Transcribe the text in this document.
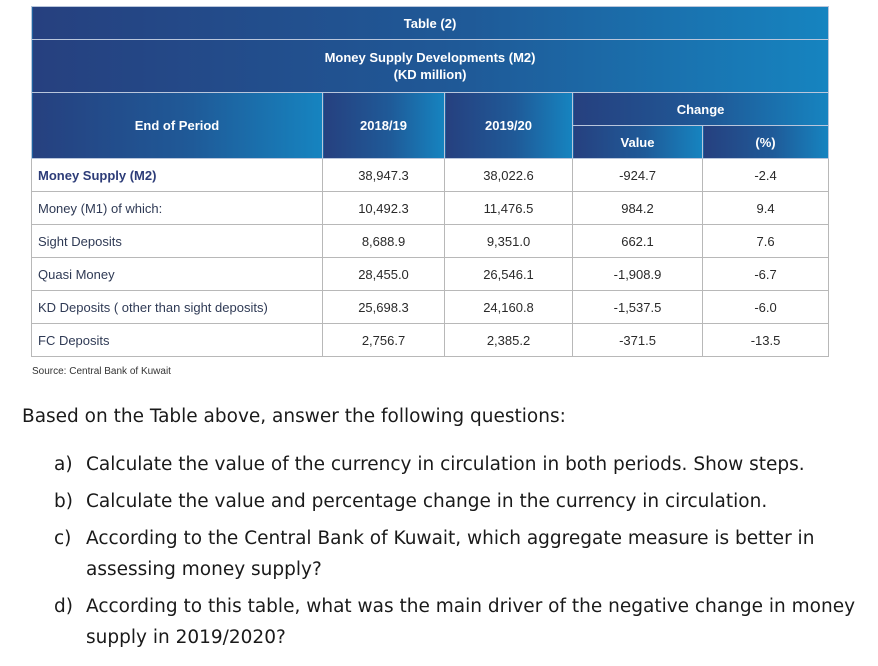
Table (2)				
Money Supply Developments (M2)
(KD million)				
End of Period	2018/19	2019/20	Change	
			Value	(%)
Money Supply (M2)	38,947.3	38,022.6	-924.7	-2.4
Money (M1) of which:	10,492.3	11,476.5	984.2	9.4
Sight Deposits	8,688.9	9,351.0	662.1	7.6
Quasi Money	28,455.0	26,546.1	-1,908.9	-6.7
KD Deposits ( other than sight deposits)	25,698.3	24,160.8	-1,537.5	-6.0
FC Deposits	2,756.7	2,385.2	-371.5	-13.5
Source: Central Bank of Kuwait

Based on the Table above, answer the following questions:

a) Calculate the value of the currency in circulation in both periods. Show steps.
b) Calculate the value and percentage change in the currency in circulation.
c) According to the Central Bank of Kuwait, which aggregate measure is better in assessing money supply?
d) According to this table, what was the main driver of the negative change in money supply in 2019/2020?
